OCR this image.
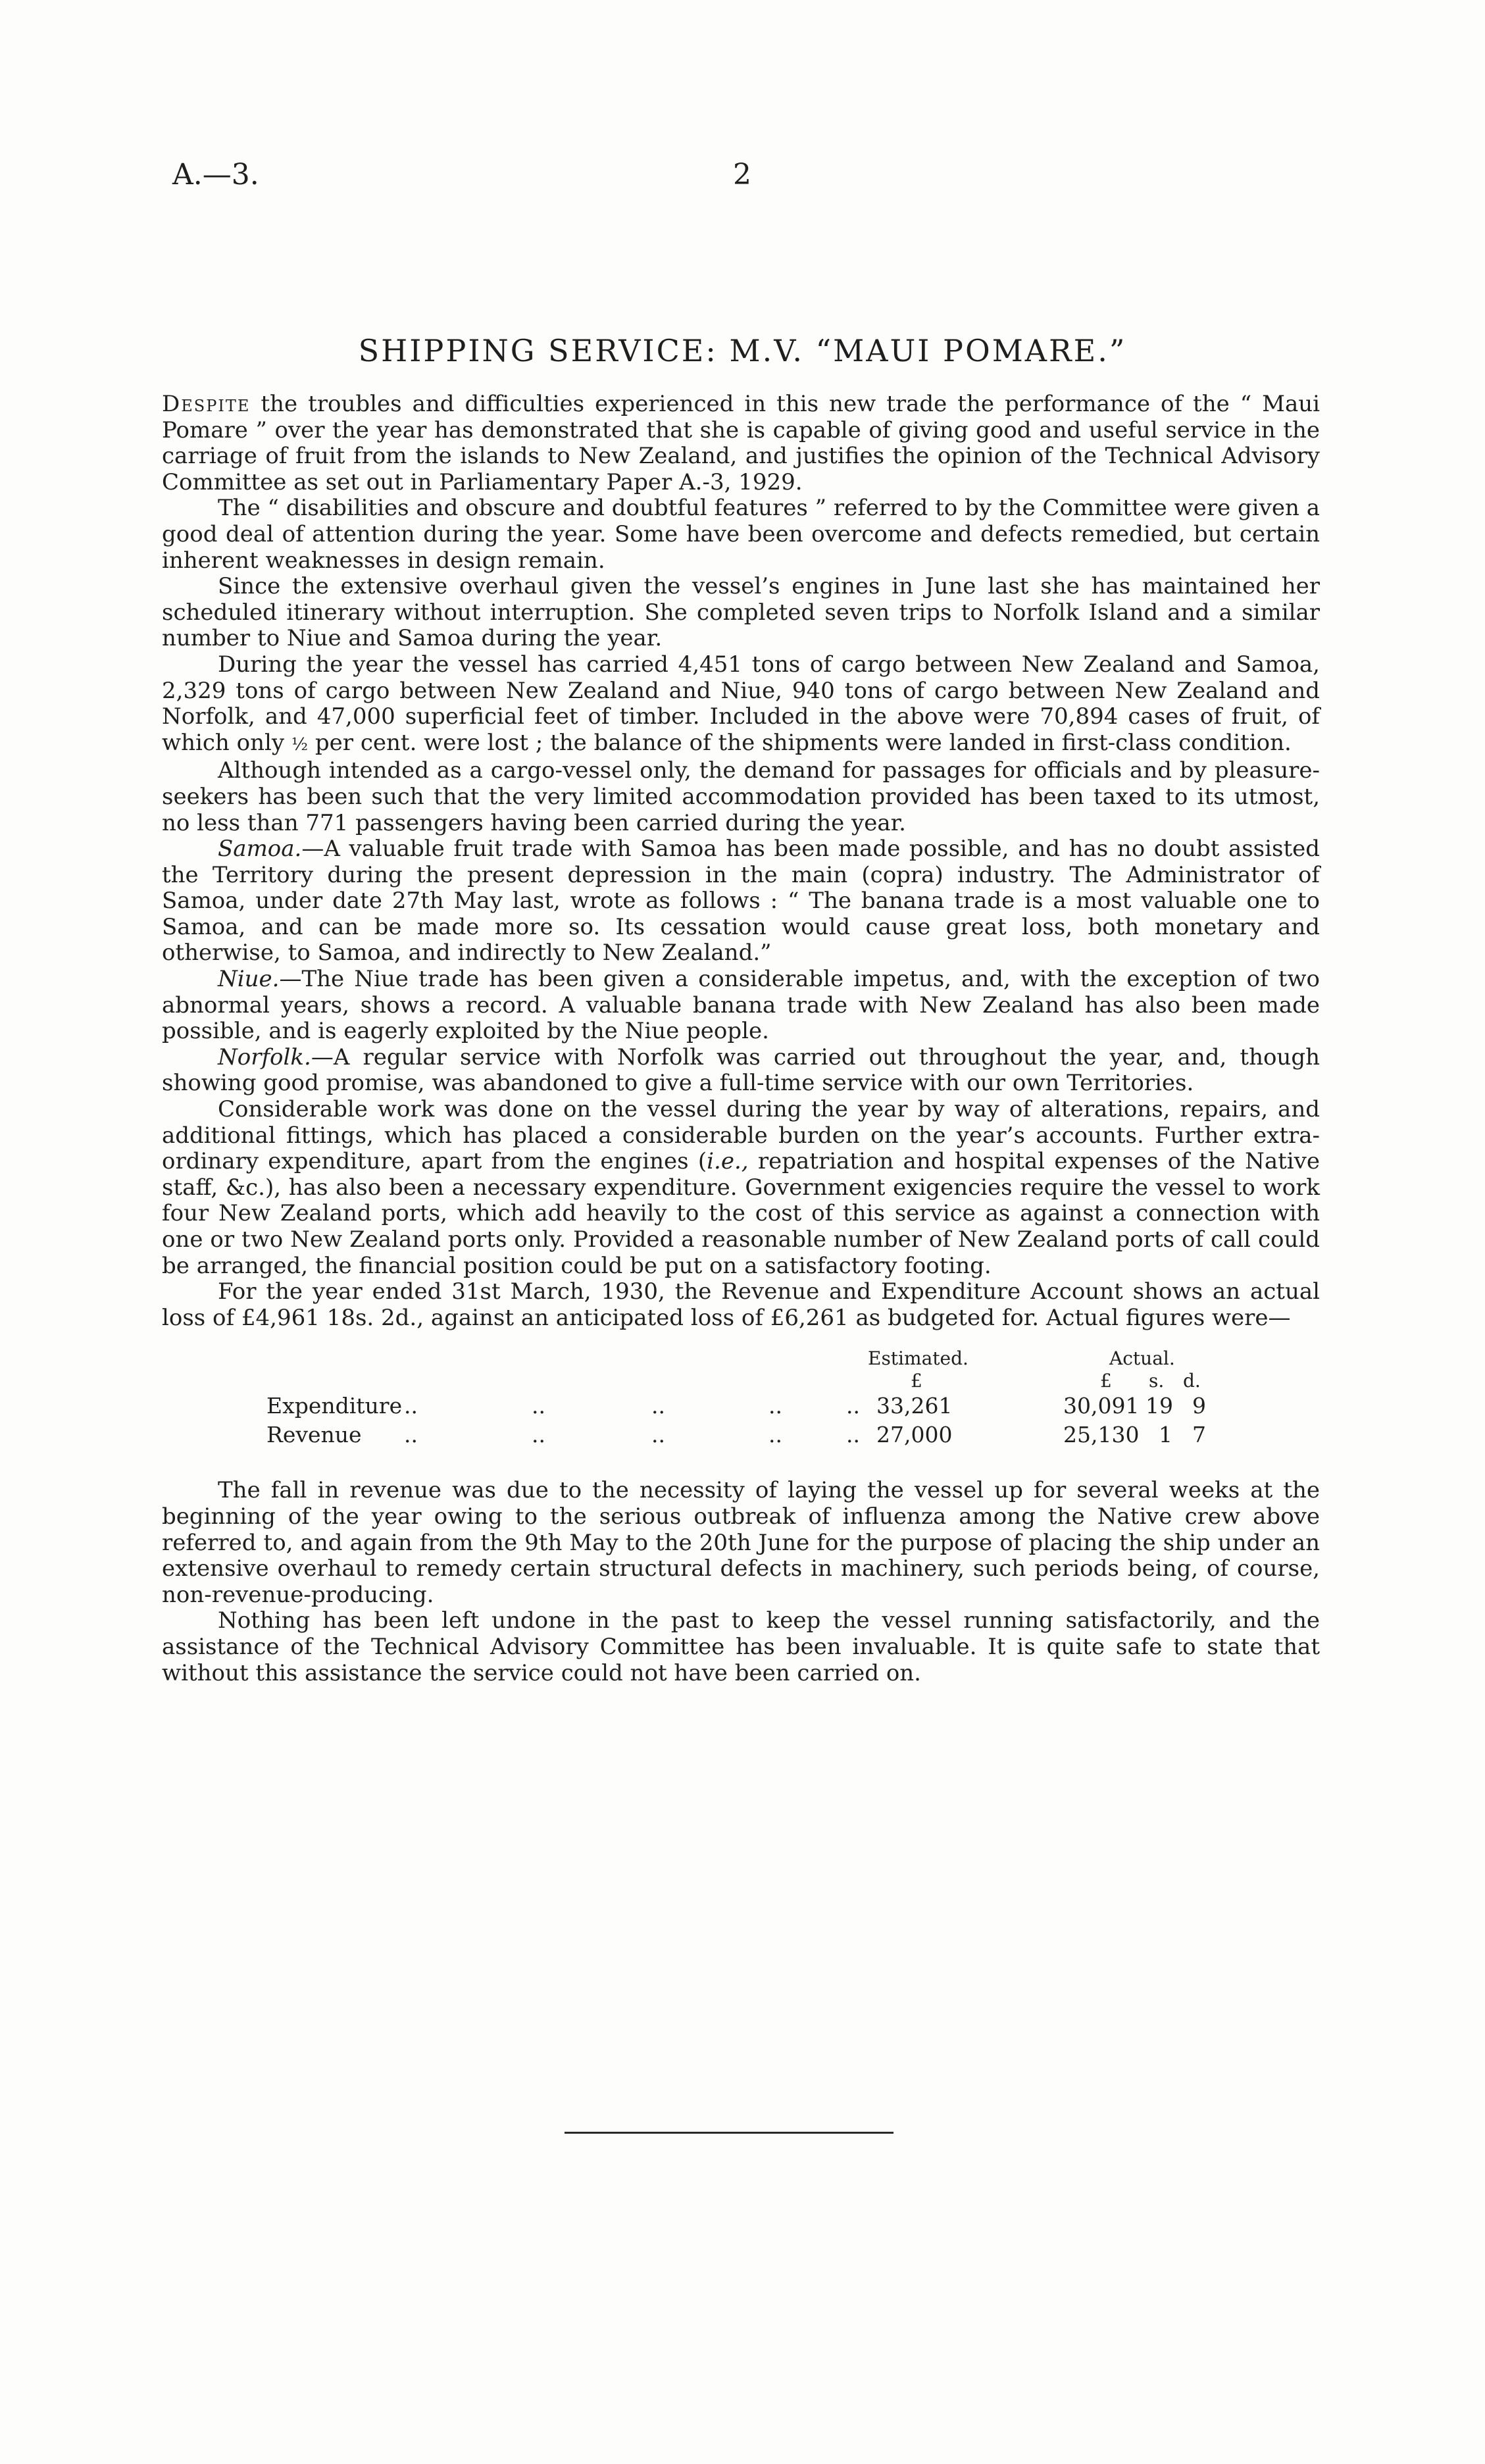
A.—3.	2
SHIPPING SERVICE: M.V. “MAUI POMARE.”

Despite the troubles and difficulties experienced in this new trade the performance of the “ Maui Pomare ” over the year has demonstrated that she is capable of giving good and useful service in the carriage of fruit from the islands to New Zealand, and justifies the opinion of the Technical Advisory Committee as set out in Parliamentary Paper A.-3, 1929.

The “ disabilities and obscure and doubtful features ” referred to by the Committee were given a good deal of attention during the year. Some have been overcome and defects remedied, but certain inherent weaknesses in design remain.

Since the extensive overhaul given the vessel’s engines in June last she has maintained her scheduled itinerary without interruption. She completed seven trips to Norfolk Island and a similar number to Niue and Samoa during the year.

During the year the vessel has carried 4,451 tons of cargo between New Zealand and Samoa, 2,329 tons of cargo between New Zealand and Niue, 940 tons of cargo between New Zealand and Norfolk, and 47,000 superficial feet of timber. Included in the above were 70,894 cases of fruit, of which only ½ per cent. were lost ; the balance of the shipments were landed in first-class condition.

Although intended as a cargo-vessel only, the demand for passages for officials and by pleasure-seekers has been such that the very limited accommodation provided has been taxed to its utmost, no less than 771 passengers having been carried during the year.

Samoa.—A valuable fruit trade with Samoa has been made possible, and has no doubt assisted the Territory during the present depression in the main (copra) industry. The Administrator of Samoa, under date 27th May last, wrote as follows : “ The banana trade is a most valuable one to Samoa, and can be made more so. Its cessation would cause great loss, both monetary and otherwise, to Samoa, and indirectly to New Zealand.”

Niue.—The Niue trade has been given a considerable impetus, and, with the exception of two abnormal years, shows a record. A valuable banana trade with New Zealand has also been made possible, and is eagerly exploited by the Niue people.

Norfolk.—A regular service with Norfolk was carried out throughout the year, and, though showing good promise, was abandoned to give a full-time service with our own Territories.

Considerable work was done on the vessel during the year by way of alterations, repairs, and additional fittings, which has placed a considerable burden on the year’s accounts. Further extra-ordinary expenditure, apart from the engines (i.e., repatriation and hospital expenses of the Native staff, &c.), has also been a necessary expenditure. Government exigencies require the vessel to work four New Zealand ports, which add heavily to the cost of this service as against a connection with one or two New Zealand ports only. Provided a reasonable number of New Zealand ports of call could be arranged, the financial position could be put on a satisfactory footing.

For the year ended 31st March, 1930, the Revenue and Expenditure Account shows an actual loss of £4,961 18s. 2d., against an anticipated loss of £6,261 as budgeted for. Actual figures were—

Estimated.	Actual.
£	£ s. d.
Expenditure ..	..	..	..	.. 33,261	30,091 19 9
Revenue ..	..	..	..	.. 27,000	25,130 1 7

The fall in revenue was due to the necessity of laying the vessel up for several weeks at the beginning of the year owing to the serious outbreak of influenza among the Native crew above referred to, and again from the 9th May to the 20th June for the purpose of placing the ship under an extensive overhaul to remedy certain structural defects in machinery, such periods being, of course, non-revenue-producing.

Nothing has been left undone in the past to keep the vessel running satisfactorily, and the assistance of the Technical Advisory Committee has been invaluable. It is quite safe to state that without this assistance the service could not have been carried on.
